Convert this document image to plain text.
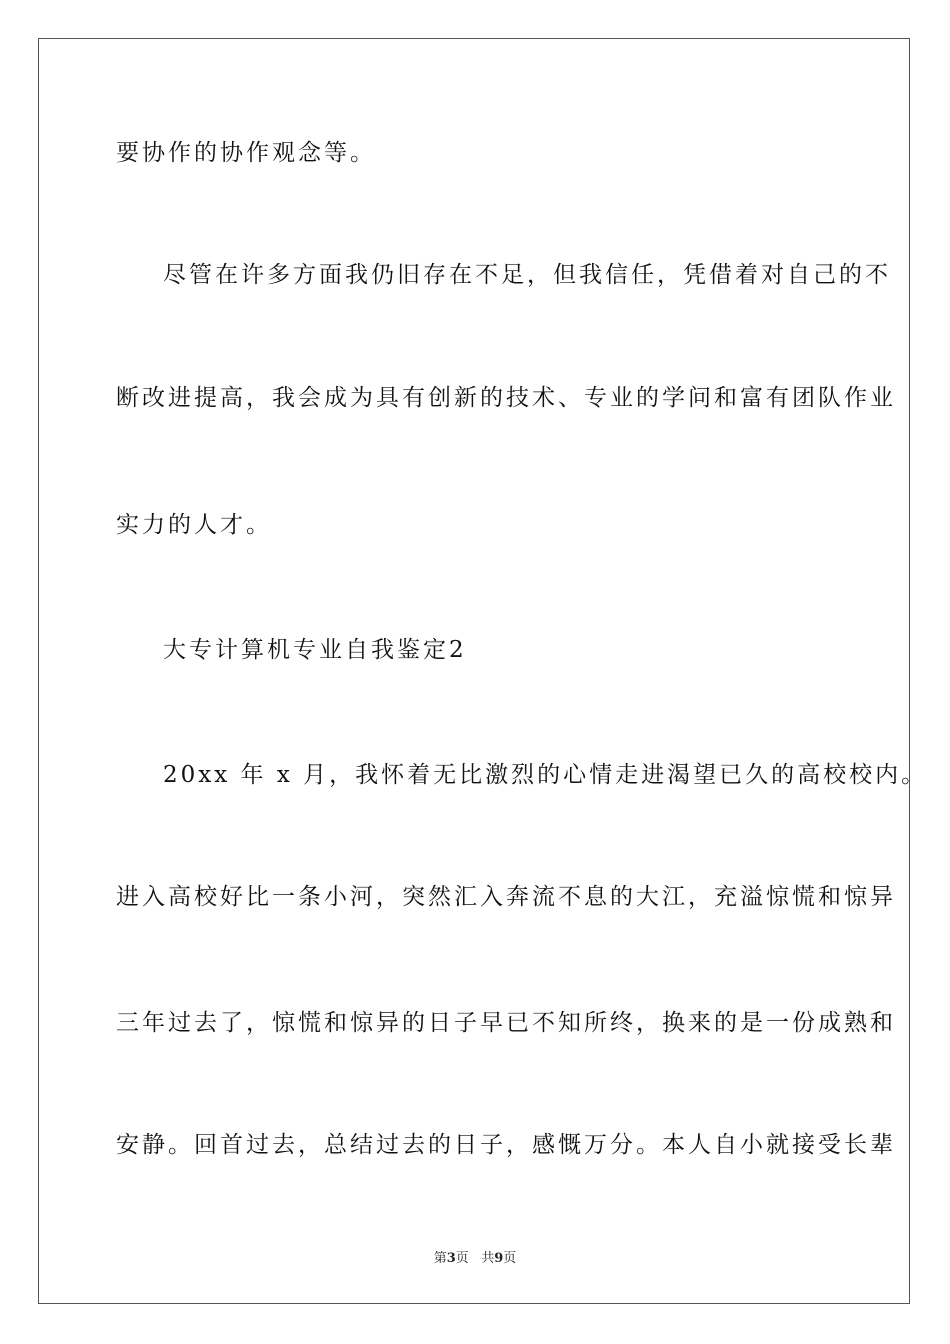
要协作的协作观念等。
尽管在许多方面我仍旧存在不足，但我信任，凭借着对自己的不
断改进提高，我会成为具有创新的技术、专业的学问和富有团队作业
实力的人才。
大专计算机专业自我鉴定2
20xx 年 x 月，我怀着无比激烈的心情走进渴望已久的高校校内。
进入高校好比一条小河，突然汇入奔流不息的大江，充溢惊慌和惊异
三年过去了，惊慌和惊异的日子早已不知所终，换来的是一份成熟和
安静。回首过去，总结过去的日子，感慨万分。本人自小就接受长辈
第3页 共9页
